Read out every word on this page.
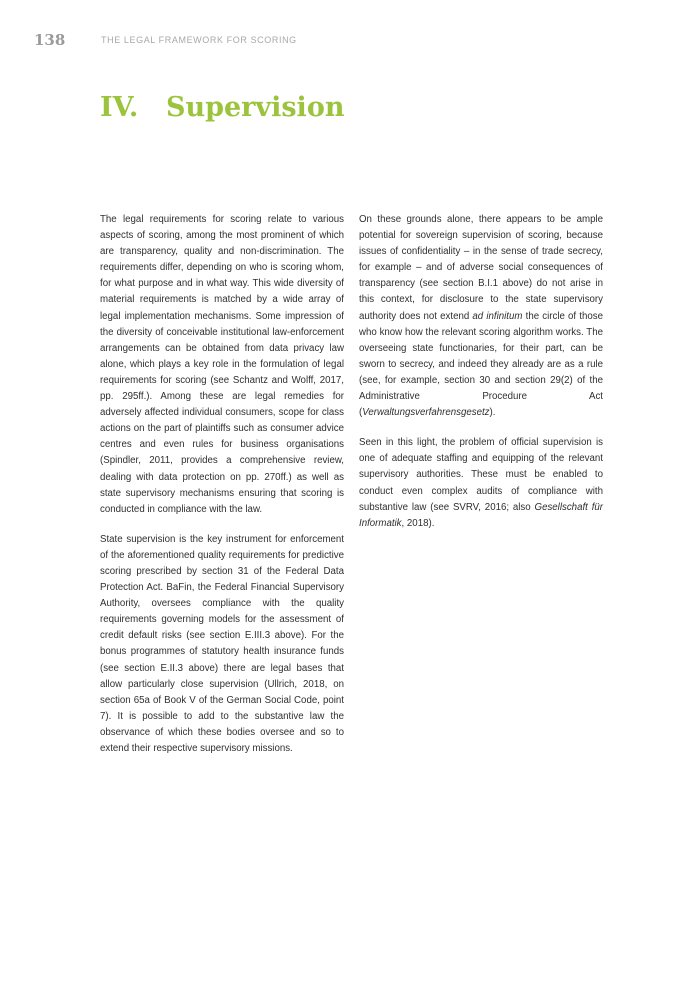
138	THE LEGAL FRAMEWORK FOR SCORING
IV. Supervision

The legal requirements for scoring relate to various aspects of scoring, among the most prominent of which are transparency, quality and non-discrimination. The requirements differ, depending on who is scoring whom, for what purpose and in what way. This wide diversity of material requirements is matched by a wide array of legal implementation mechanisms. Some impression of the diversity of conceivable institutional law-enforcement arrangements can be obtained from data privacy law alone, which plays a key role in the formulation of legal requirements for scoring (see Schantz and Wolff, 2017, pp. 295ff.). Among these are legal remedies for adversely affected individual consumers, scope for class actions on the part of plaintiffs such as consumer advice centres and even rules for business organisations (Spindler, 2011, provides a comprehensive review, dealing with data protection on pp. 270ff.) as well as state supervisory mechanisms ensuring that scoring is conducted in compliance with the law.

State supervision is the key instrument for enforcement of the aforementioned quality requirements for predictive scoring prescribed by section 31 of the Federal Data Protection Act. BaFin, the Federal Financial Supervisory Authority, oversees compliance with the quality requirements governing models for the assessment of credit default risks (see section E.III.3 above). For the bonus programmes of statutory health insurance funds (see section E.II.3 above) there are legal bases that allow particularly close supervision (Ullrich, 2018, on section 65a of Book V of the German Social Code, point 7). It is possible to add to the substantive law the observance of which these bodies oversee and so to extend their respective supervisory missions.

On these grounds alone, there appears to be ample potential for sovereign supervision of scoring, because issues of confidentiality – in the sense of trade secrecy, for example – and of adverse social consequences of transparency (see section B.I.1 above) do not arise in this context, for disclosure to the state supervisory authority does not extend ad infinitum the circle of those who know how the relevant scoring algorithm works. The overseeing state functionaries, for their part, can be sworn to secrecy, and indeed they already are as a rule (see, for example, section 30 and section 29(2) of the Administrative Procedure Act (Verwaltungsverfahrensgesetz).

Seen in this light, the problem of official supervision is one of adequate staffing and equipping of the relevant supervisory authorities. These must be enabled to conduct even complex audits of compliance with substantive law (see SVRV, 2016; also Gesellschaft für Informatik, 2018).
